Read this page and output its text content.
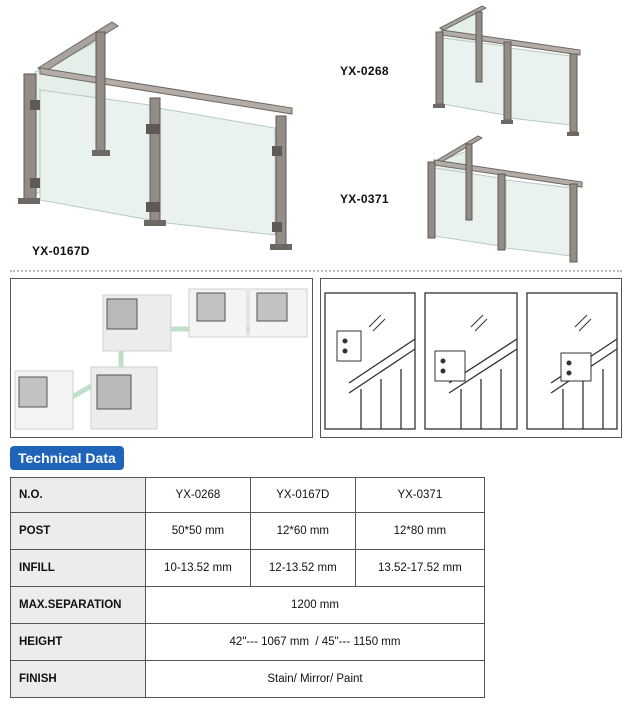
YX-0167D
YX-0268
YX-0371
Technical Data
N.O.	YX-0268	YX-0167D	YX-0371
POST	50*50 mm	12*60 mm	12*80 mm
INFILL	10-13.52 mm	12-13.52 mm	13.52-17.52 mm
MAX.SEPARATION	1200 mm		
HEIGHT	42"--- 1067 mm  / 45"--- 1150 mm		
FINISH	Stain/ Mirror/ Paint		
